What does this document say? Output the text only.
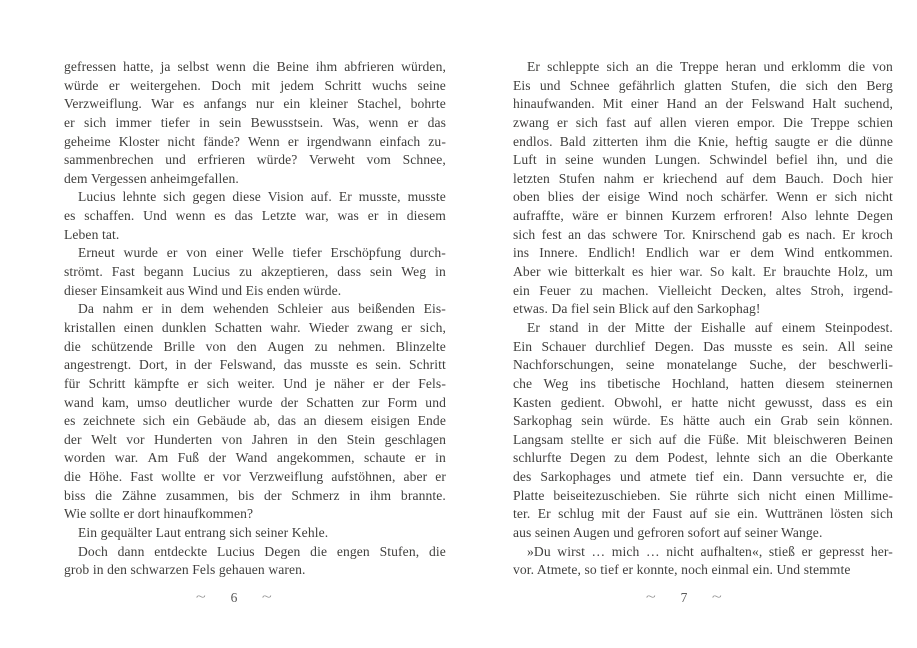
gefressen hatte, ja selbst wenn die Beine ihm abfrieren würden,
würde er weitergehen. Doch mit jedem Schritt wuchs seine
Verzweiflung. War es anfangs nur ein kleiner Stachel, bohrte
er sich immer tiefer in sein Bewusstsein. Was, wenn er das
geheime Kloster nicht fände? Wenn er irgendwann einfach zu-
sammenbrechen und erfrieren würde? Verweht vom Schnee,
dem Vergessen anheimgefallen.
Lucius lehnte sich gegen diese Vision auf. Er musste, musste
es schaffen. Und wenn es das Letzte war, was er in diesem
Leben tat.
Erneut wurde er von einer Welle tiefer Erschöpfung durch-
strömt. Fast begann Lucius zu akzeptieren, dass sein Weg in
dieser Einsamkeit aus Wind und Eis enden würde.
Da nahm er in dem wehenden Schleier aus beißenden Eis-
kristallen einen dunklen Schatten wahr. Wieder zwang er sich,
die schützende Brille von den Augen zu nehmen. Blinzelte
angestrengt. Dort, in der Felswand, das musste es sein. Schritt
für Schritt kämpfte er sich weiter. Und je näher er der Fels-
wand kam, umso deutlicher wurde der Schatten zur Form und
es zeichnete sich ein Gebäude ab, das an diesem eisigen Ende
der Welt vor Hunderten von Jahren in den Stein geschlagen
worden war. Am Fuß der Wand angekommen, schaute er in
die Höhe. Fast wollte er vor Verzweiflung aufstöhnen, aber er
biss die Zähne zusammen, bis der Schmerz in ihm brannte.
Wie sollte er dort hinaufkommen?
Ein gequälter Laut entrang sich seiner Kehle.
Doch dann entdeckte Lucius Degen die engen Stufen, die
grob in den schwarzen Fels gehauen waren.
Er schleppte sich an die Treppe heran und erklomm die von
Eis und Schnee gefährlich glatten Stufen, die sich den Berg
hinaufwanden. Mit einer Hand an der Felswand Halt suchend,
zwang er sich fast auf allen vieren empor. Die Treppe schien
endlos. Bald zitterten ihm die Knie, heftig saugte er die dünne
Luft in seine wunden Lungen. Schwindel befiel ihn, und die
letzten Stufen nahm er kriechend auf dem Bauch. Doch hier
oben blies der eisige Wind noch schärfer. Wenn er sich nicht
aufraffte, wäre er binnen Kurzem erfroren! Also lehnte Degen
sich fest an das schwere Tor. Knirschend gab es nach. Er kroch
ins Innere. Endlich! Endlich war er dem Wind entkommen.
Aber wie bitterkalt es hier war. So kalt. Er brauchte Holz, um
ein Feuer zu machen. Vielleicht Decken, altes Stroh, irgend-
etwas. Da fiel sein Blick auf den Sarkophag!
Er stand in der Mitte der Eishalle auf einem Steinpodest.
Ein Schauer durchlief Degen. Das musste es sein. All seine
Nachforschungen, seine monatelange Suche, der beschwerli-
che Weg ins tibetische Hochland, hatten diesem steinernen
Kasten gedient. Obwohl, er hatte nicht gewusst, dass es ein
Sarkophag sein würde. Es hätte auch ein Grab sein können.
Langsam stellte er sich auf die Füße. Mit bleischweren Beinen
schlurfte Degen zu dem Podest, lehnte sich an die Oberkante
des Sarkophages und atmete tief ein. Dann versuchte er, die
Platte beiseitezuschieben. Sie rührte sich nicht einen Millime-
ter. Er schlug mit der Faust auf sie ein. Wuttränen lösten sich
aus seinen Augen und gefroren sofort auf seiner Wange.
»Du wirst … mich … nicht aufhalten«, stieß er gepresst her-
vor. Atmete, so tief er konnte, noch einmal ein. Und stemmte
~ 6 ~	~ 7 ~
